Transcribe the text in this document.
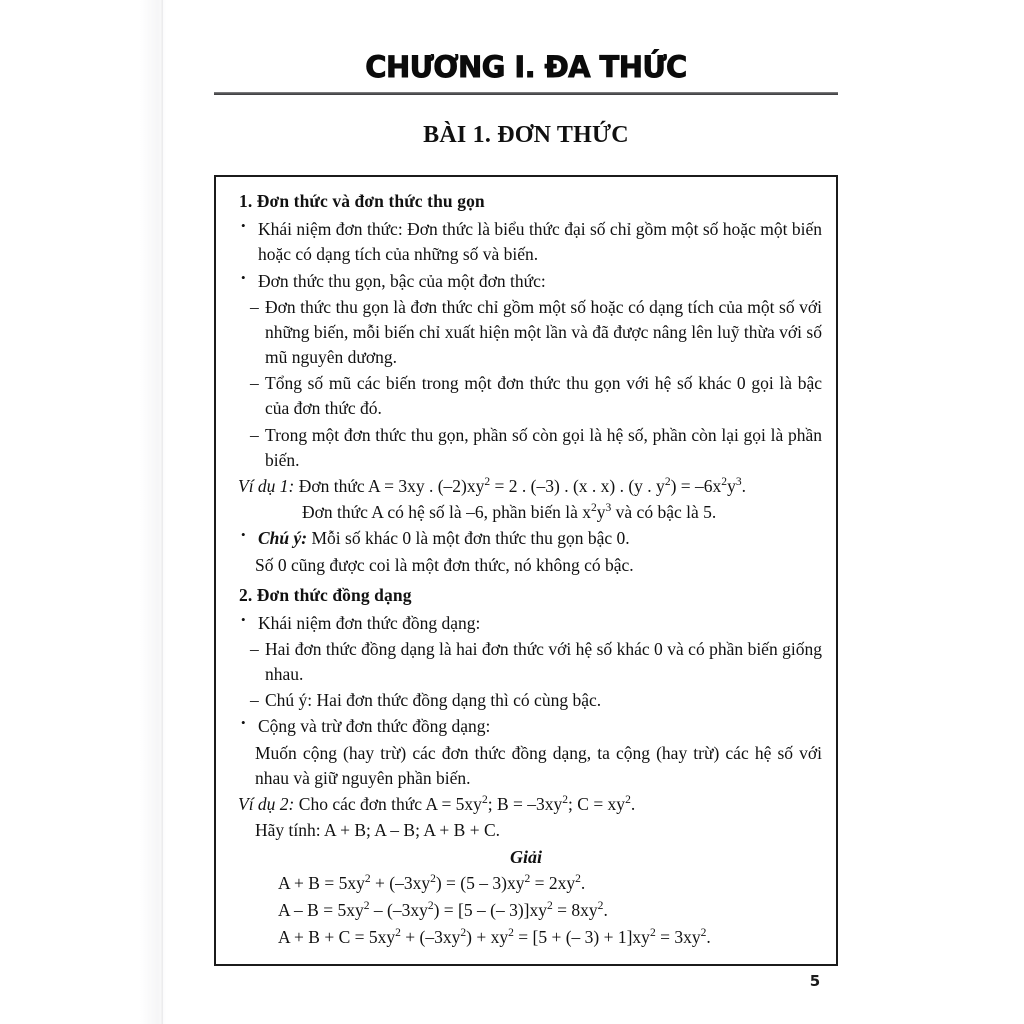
CHƯƠNG I. ĐA THỨC
BÀI 1. ĐƠN THỨC
1. Đơn thức và đơn thức thu gọn
• Khái niệm đơn thức: Đơn thức là biểu thức đại số chỉ gồm một số hoặc một biến hoặc có dạng tích của những số và biến.
• Đơn thức thu gọn, bậc của một đơn thức:
– Đơn thức thu gọn là đơn thức chỉ gồm một số hoặc có dạng tích của một số với những biến, mỗi biến chỉ xuất hiện một lần và đã được nâng lên luỹ thừa với số mũ nguyên dương.
– Tổng số mũ các biến trong một đơn thức thu gọn với hệ số khác 0 gọi là bậc của đơn thức đó.
– Trong một đơn thức thu gọn, phần số còn gọi là hệ số, phần còn lại gọi là phần biến.
Ví dụ 1: Đơn thức A = 3xy . $(-2)xy^2 = 2$ . (–3) . (x . x) . (y . $y^2) = -6x^2y^3$.
Đơn thức A có hệ số là –6, phần biến là $x^2y^3$ và có bậc là 5.
• Chú ý: Mỗi số khác 0 là một đơn thức thu gọn bậc 0.
Số 0 cũng được coi là một đơn thức, nó không có bậc.
2. Đơn thức đồng dạng
• Khái niệm đơn thức đồng dạng:
– Hai đơn thức đồng dạng là hai đơn thức với hệ số khác 0 và có phần biến giống nhau.
– Chú ý: Hai đơn thức đồng dạng thì có cùng bậc.
• Cộng và trừ đơn thức đồng dạng:
Muốn cộng (hay trừ) các đơn thức đồng dạng, ta cộng (hay trừ) các hệ số với nhau và giữ nguyên phần biến.
Ví dụ 2: Cho các đơn thức $A = 5xy^2$; $B = -3xy^2$; $C = xy^2$.
Hãy tính: A + B; A – B; A + B + C.
Giải
$A + B = 5xy^2 + (-3xy^2) = (5 - 3)xy^2 = 2xy^2$.
$A - B = 5xy^2 - (-3xy^2) = [5$ – (– $3)]xy^2 = 8xy^2$.
$A + B + C = 5xy^2 + (-3xy^2) + xy^2 = [5$ + (– $3) + 1]xy^2 = 3xy^2$.
5
